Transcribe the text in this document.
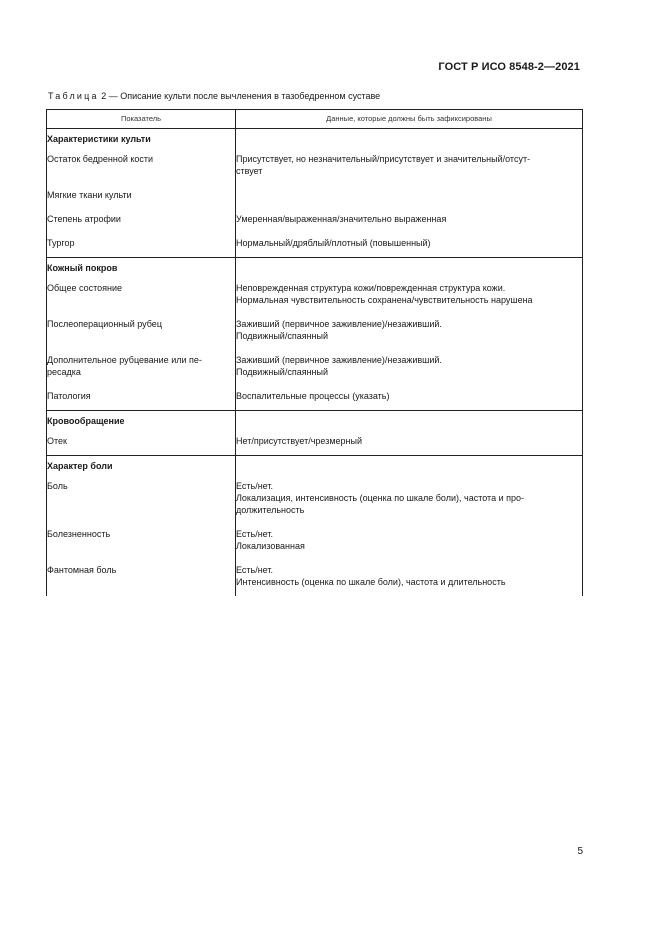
ГОСТ Р ИСО 8548-2—2021
Таблица 2 — Описание культи после вычленения в тазобедренном суставе
Показатель	Данные, которые должны быть зафиксированы
Характеристики культи	

Остаток бедренной кости	Присутствует, но незначительный/присутствует и значительный/отсут-
ствует

Мягкие ткани культи	

Степень атрофии	Умеренная/выраженная/значительно выраженная

Тургор	Нормальный/дряблый/плотный (повышенный)

Кожный покров	

Общее состояние	Неповрежденная структура кожи/поврежденная структура кожи.
Нормальная чувствительность сохранена/чувствительность нарушена

Послеоперационный рубец	Заживший (первичное заживление)/незаживший.
Подвижный/спаянный

Дополнительное рубцевание или пе-
ресадка	Заживший (первичное заживление)/незаживший.
Подвижный/спаянный

Патология	Воспалительные процессы (указать)

Кровообращение	

Отек	Нет/присутствует/чрезмерный

Характер боли	

Боль	Есть/нет.
Локализация, интенсивность (оценка по шкале боли), частота и про-
должительность

Болезненность	Есть/нет.
Локализованная

Фантомная боль	Есть/нет.
Интенсивность (оценка по шкале боли), частота и длительность
5
